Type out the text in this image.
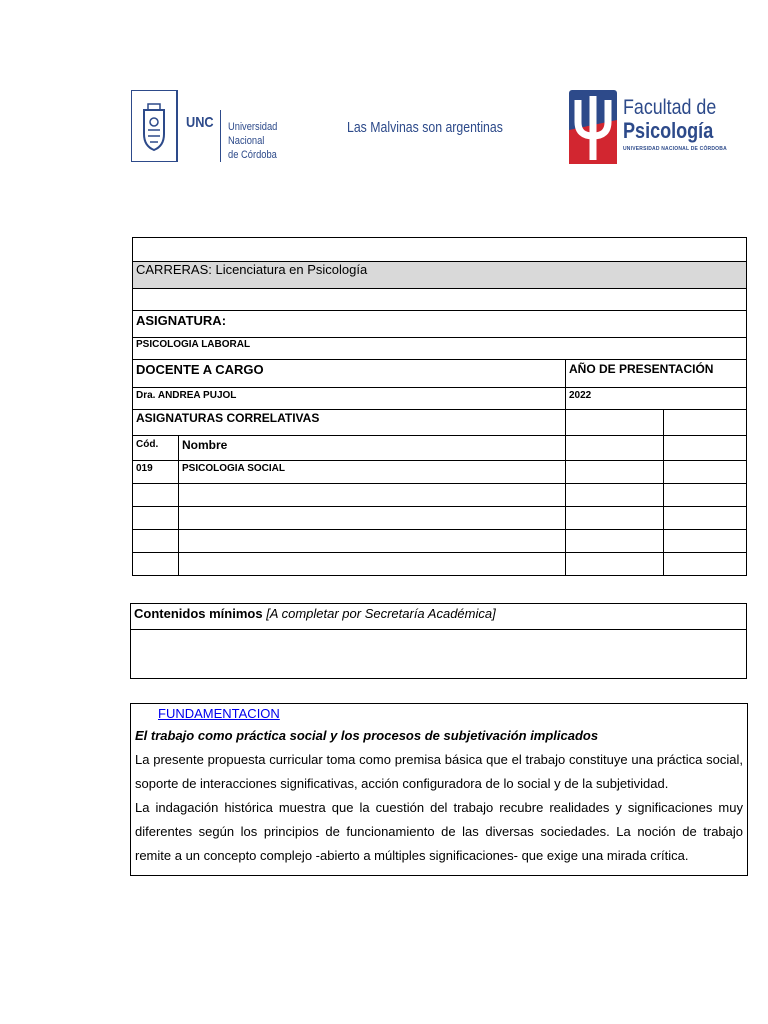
UNC Universidad
Nacional
de Córdoba
Las Malvinas son argentinas
Facultad de
Psicología
UNIVERSIDAD NACIONAL DE CÓRDOBA

CARRERAS: Licenciatura en Psicología			

ASIGNATURA:			
PSICOLOGIA LABORAL			
DOCENTE A CARGO		AÑO DE PRESENTACIÓN	
Dra. ANDREA PUJOL		2022	
ASIGNATURAS CORRELATIVAS			
Cód.	Nombre		
019	PSICOLOGIA SOCIAL		

Contenidos mínimos [A completar por Secretaría Académica]
FUNDAMENTACION
El trabajo como práctica social y los procesos de subjetivación implicados

La presente propuesta curricular toma como premisa básica que el trabajo constituye una práctica social, soporte de interacciones significativas, acción configuradora de lo social y de la subjetividad.

La indagación histórica muestra que la cuestión del trabajo recubre realidades y significaciones muy diferentes según los principios de funcionamiento de las diversas sociedades. La noción de trabajo remite a un concepto complejo -abierto a múltiples significaciones- que exige una mirada crítica.
